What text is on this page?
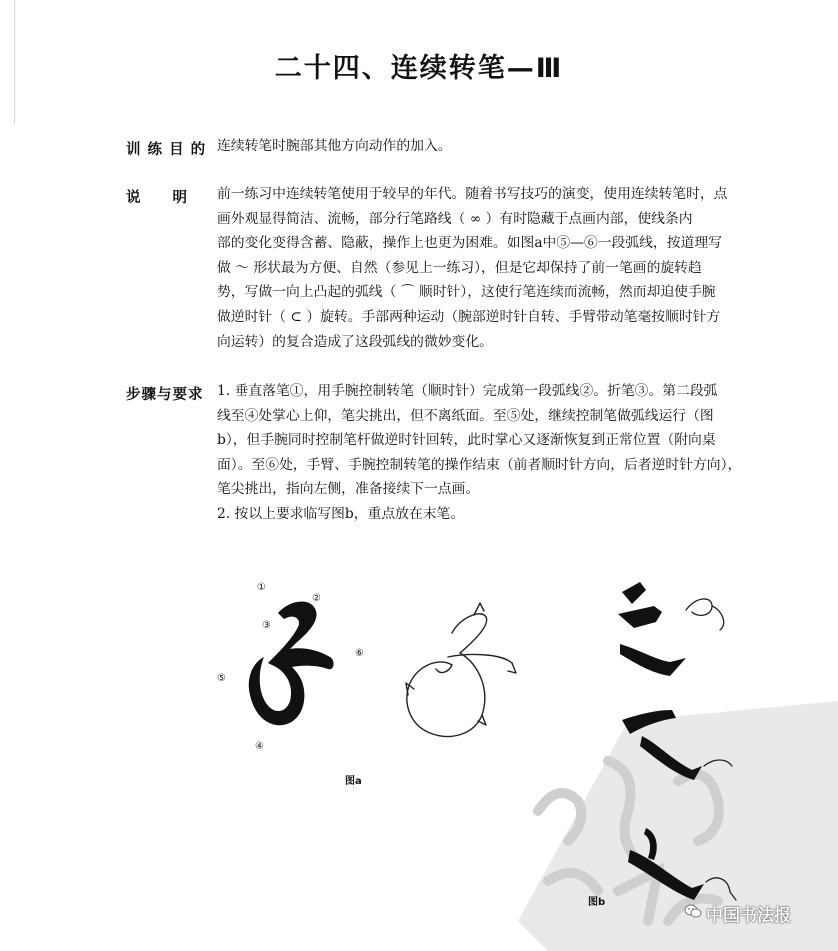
二十四、连续转笔—Ⅲ
训 练 目 的 连续转笔时腕部其他方向动作的加入。

说　　明 前一练习中连续转笔使用于较早的年代。随着书写技巧的演变，使用连续转笔时，点
画外观显得简洁、流畅，部分行笔路线（ ∞ ）有时隐藏于点画内部，使线条内
部的变化变得含蓄、隐蔽，操作上也更为困难。如图a中⑤—⑥一段弧线，按道理写
做 ～ 形状最为方便、自然（参见上一练习），但是它却保持了前一笔画的旋转趋
势，写做一向上凸起的弧线（ ⌒ 顺时针），这使行笔连续而流畅，然而却迫使手腕
做逆时针（ ⊂ ）旋转。手部两种运动（腕部逆时针自转、手臂带动笔毫按顺时针方
向运转）的复合造成了这段弧线的微妙变化。

步骤与要求 1. 垂直落笔①，用手腕控制转笔（顺时针）完成第一段弧线②。折笔③。第二段弧
线至④处掌心上仰，笔尖挑出，但不离纸面。至⑤处，继续控制笔做弧线运行（图
b），但手腕同时控制笔杆做逆时针回转，此时掌心又逐渐恢复到正常位置（附向桌
面）。至⑥处，手臂、手腕控制转笔的操作结束（前者顺时针方向，后者逆时针方向），
笔尖挑出，指向左侧，准备接续下一点画。
2. 按以上要求临写图b，重点放在末笔。

①
②
③
④
⑤
⑥
图a
图b
中国书法报
